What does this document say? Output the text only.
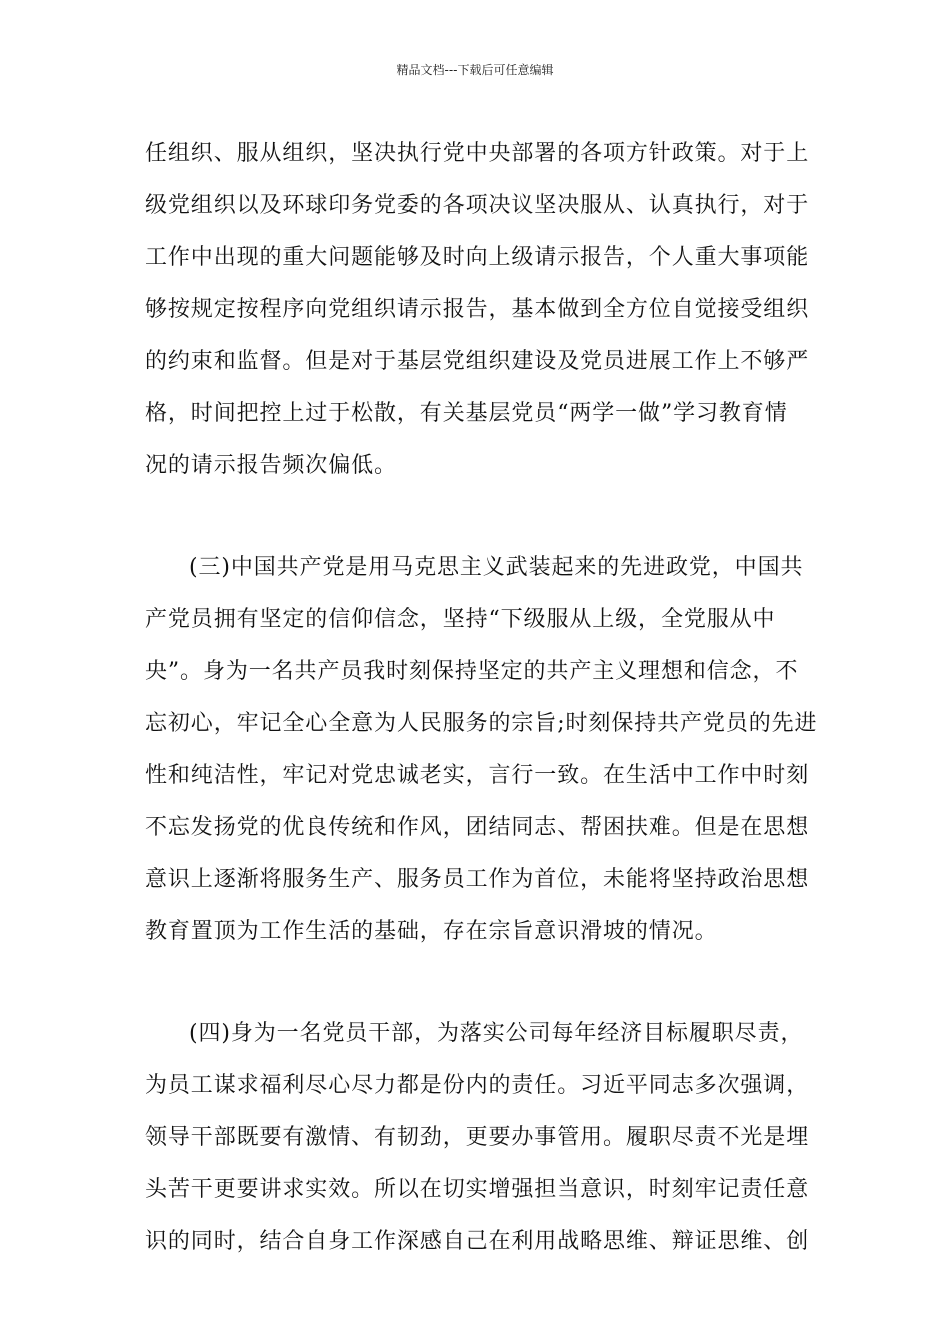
精品文档---下载后可任意编辑
任组织、服从组织，坚决执行党中央部署的各项方针政策。对于上
级党组织以及环球印务党委的各项决议坚决服从、认真执行，对于
工作中出现的重大问题能够及时向上级请示报告，个人重大事项能
够按规定按程序向党组织请示报告，基本做到全方位自觉接受组织
的约束和监督。但是对于基层党组织建设及党员进展工作上不够严
格，时间把控上过于松散，有关基层党员“两学一做”学习教育情
况的请示报告频次偏低。
(三)中国共产党是用马克思主义武装起来的先进政党，中国共
产党员拥有坚定的信仰信念，坚持“下级服从上级，全党服从中
央”。身为一名共产员我时刻保持坚定的共产主义理想和信念，不
忘初心，牢记全心全意为人民服务的宗旨;时刻保持共产党员的先进
性和纯洁性，牢记对党忠诚老实，言行一致。在生活中工作中时刻
不忘发扬党的优良传统和作风，团结同志、帮困扶难。但是在思想
意识上逐渐将服务生产、服务员工作为首位，未能将坚持政治思想
教育置顶为工作生活的基础，存在宗旨意识滑坡的情况。
(四)身为一名党员干部，为落实公司每年经济目标履职尽责，
为员工谋求福利尽心尽力都是份内的责任。习近平同志多次强调，
领导干部既要有激情、有韧劲，更要办事管用。履职尽责不光是埋
头苦干更要讲求实效。所以在切实增强担当意识，时刻牢记责任意
识的同时，结合自身工作深感自己在利用战略思维、辩证思维、创
